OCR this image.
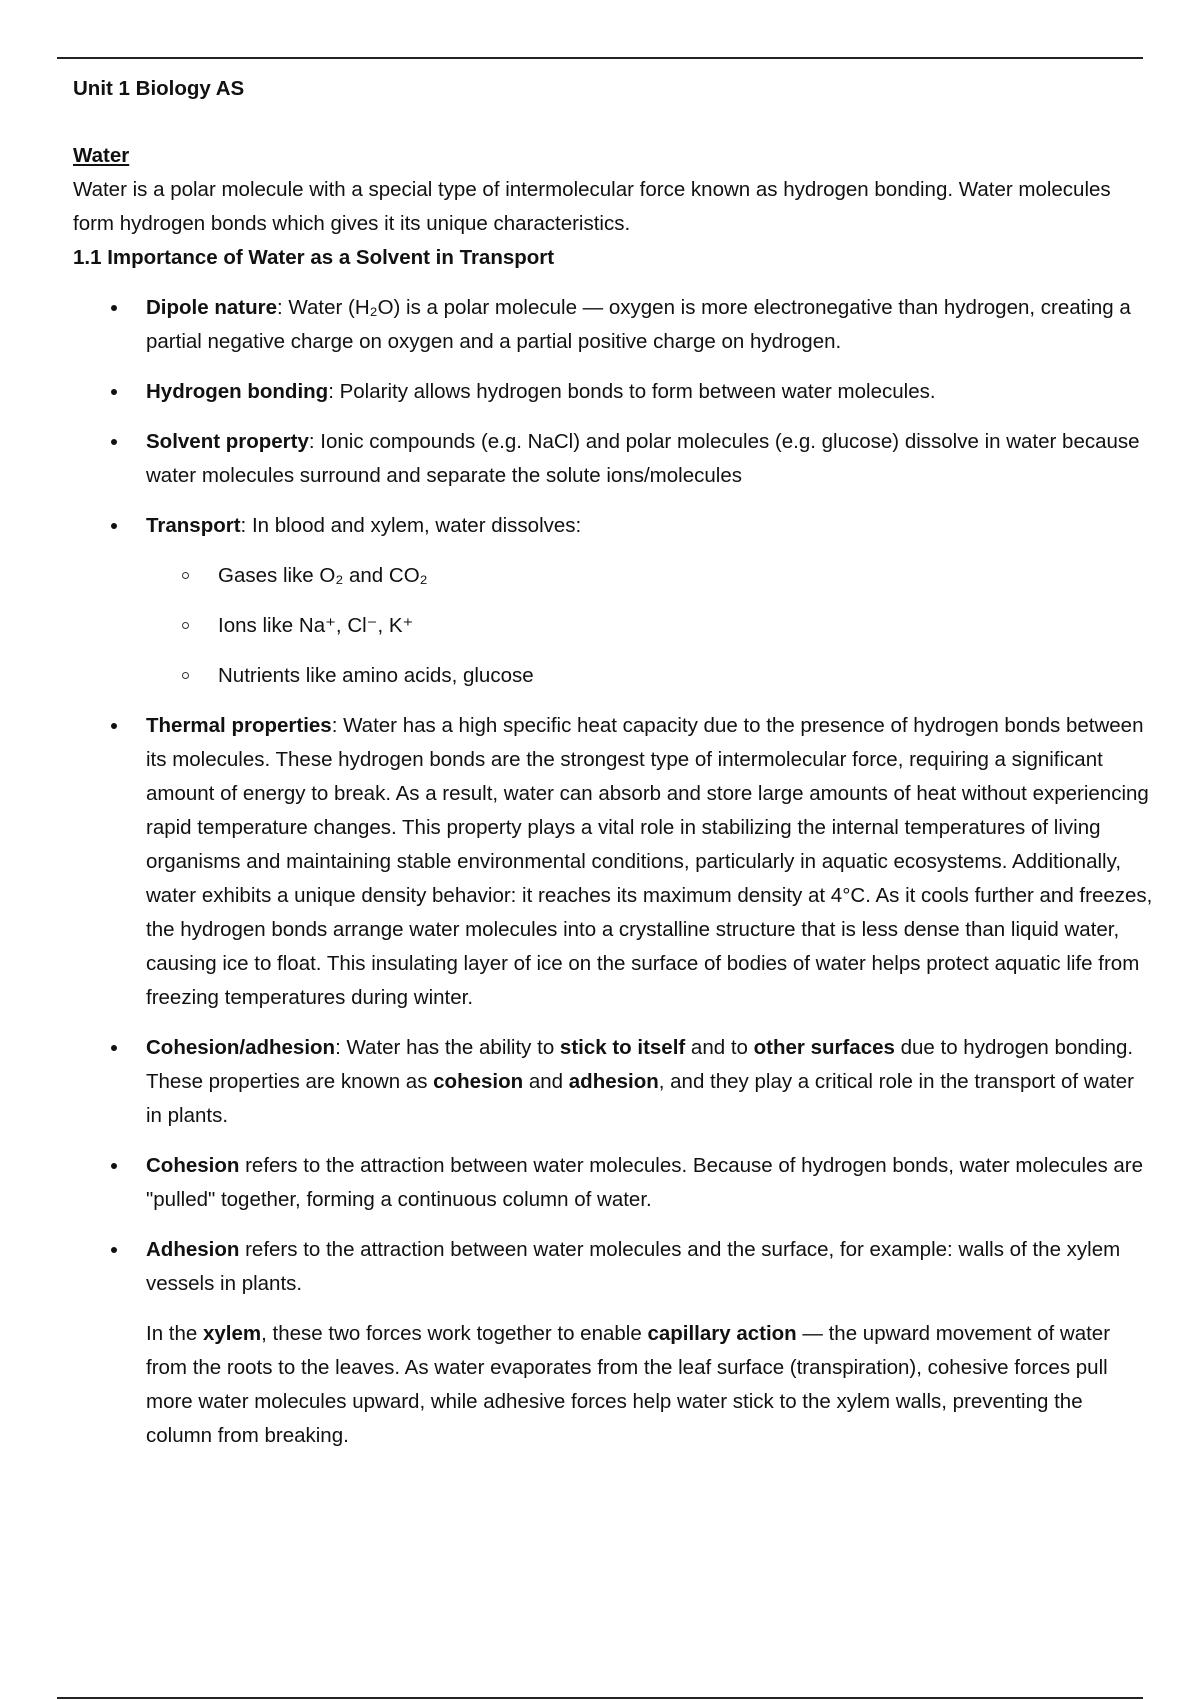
Unit 1 Biology AS

Water

Water is a polar molecule with a special type of intermolecular force known as hydrogen bonding. Water molecules form hydrogen bonds which gives it its unique characteristics.

1.1 Importance of Water as a Solvent in Transport

Dipole nature: Water (H₂O) is a polar molecule — oxygen is more electronegative than hydrogen, creating a partial negative charge on oxygen and a partial positive charge on hydrogen.
Hydrogen bonding: Polarity allows hydrogen bonds to form between water molecules.
Solvent property: Ionic compounds (e.g. NaCl) and polar molecules (e.g. glucose) dissolve in water because water molecules surround and separate the solute ions/molecules
Transport: In blood and xylem, water dissolves:
Gases like O₂ and CO₂
Ions like Na⁺, Cl⁻, K⁺
Nutrients like amino acids, glucose
Thermal properties: Water has a high specific heat capacity due to the presence of hydrogen bonds between its molecules. These hydrogen bonds are the strongest type of intermolecular force, requiring a significant amount of energy to break. As a result, water can absorb and store large amounts of heat without experiencing rapid temperature changes. This property plays a vital role in stabilizing the internal temperatures of living organisms and maintaining stable environmental conditions, particularly in aquatic ecosystems. Additionally, water exhibits a unique density behavior: it reaches its maximum density at 4°C. As it cools further and freezes, the hydrogen bonds arrange water molecules into a crystalline structure that is less dense than liquid water, causing ice to float. This insulating layer of ice on the surface of bodies of water helps protect aquatic life from freezing temperatures during winter.
Cohesion/adhesion: Water has the ability to stick to itself and to other surfaces due to hydrogen bonding. These properties are known as cohesion and adhesion, and they play a critical role in the transport of water in plants.
Cohesion refers to the attraction between water molecules. Because of hydrogen bonds, water molecules are "pulled" together, forming a continuous column of water.
Adhesion refers to the attraction between water molecules and the surface, for example: walls of the xylem vessels in plants.

In the xylem, these two forces work together to enable capillary action — the upward movement of water from the roots to the leaves. As water evaporates from the leaf surface (transpiration), cohesive forces pull more water molecules upward, while adhesive forces help water stick to the xylem walls, preventing the column from breaking.
